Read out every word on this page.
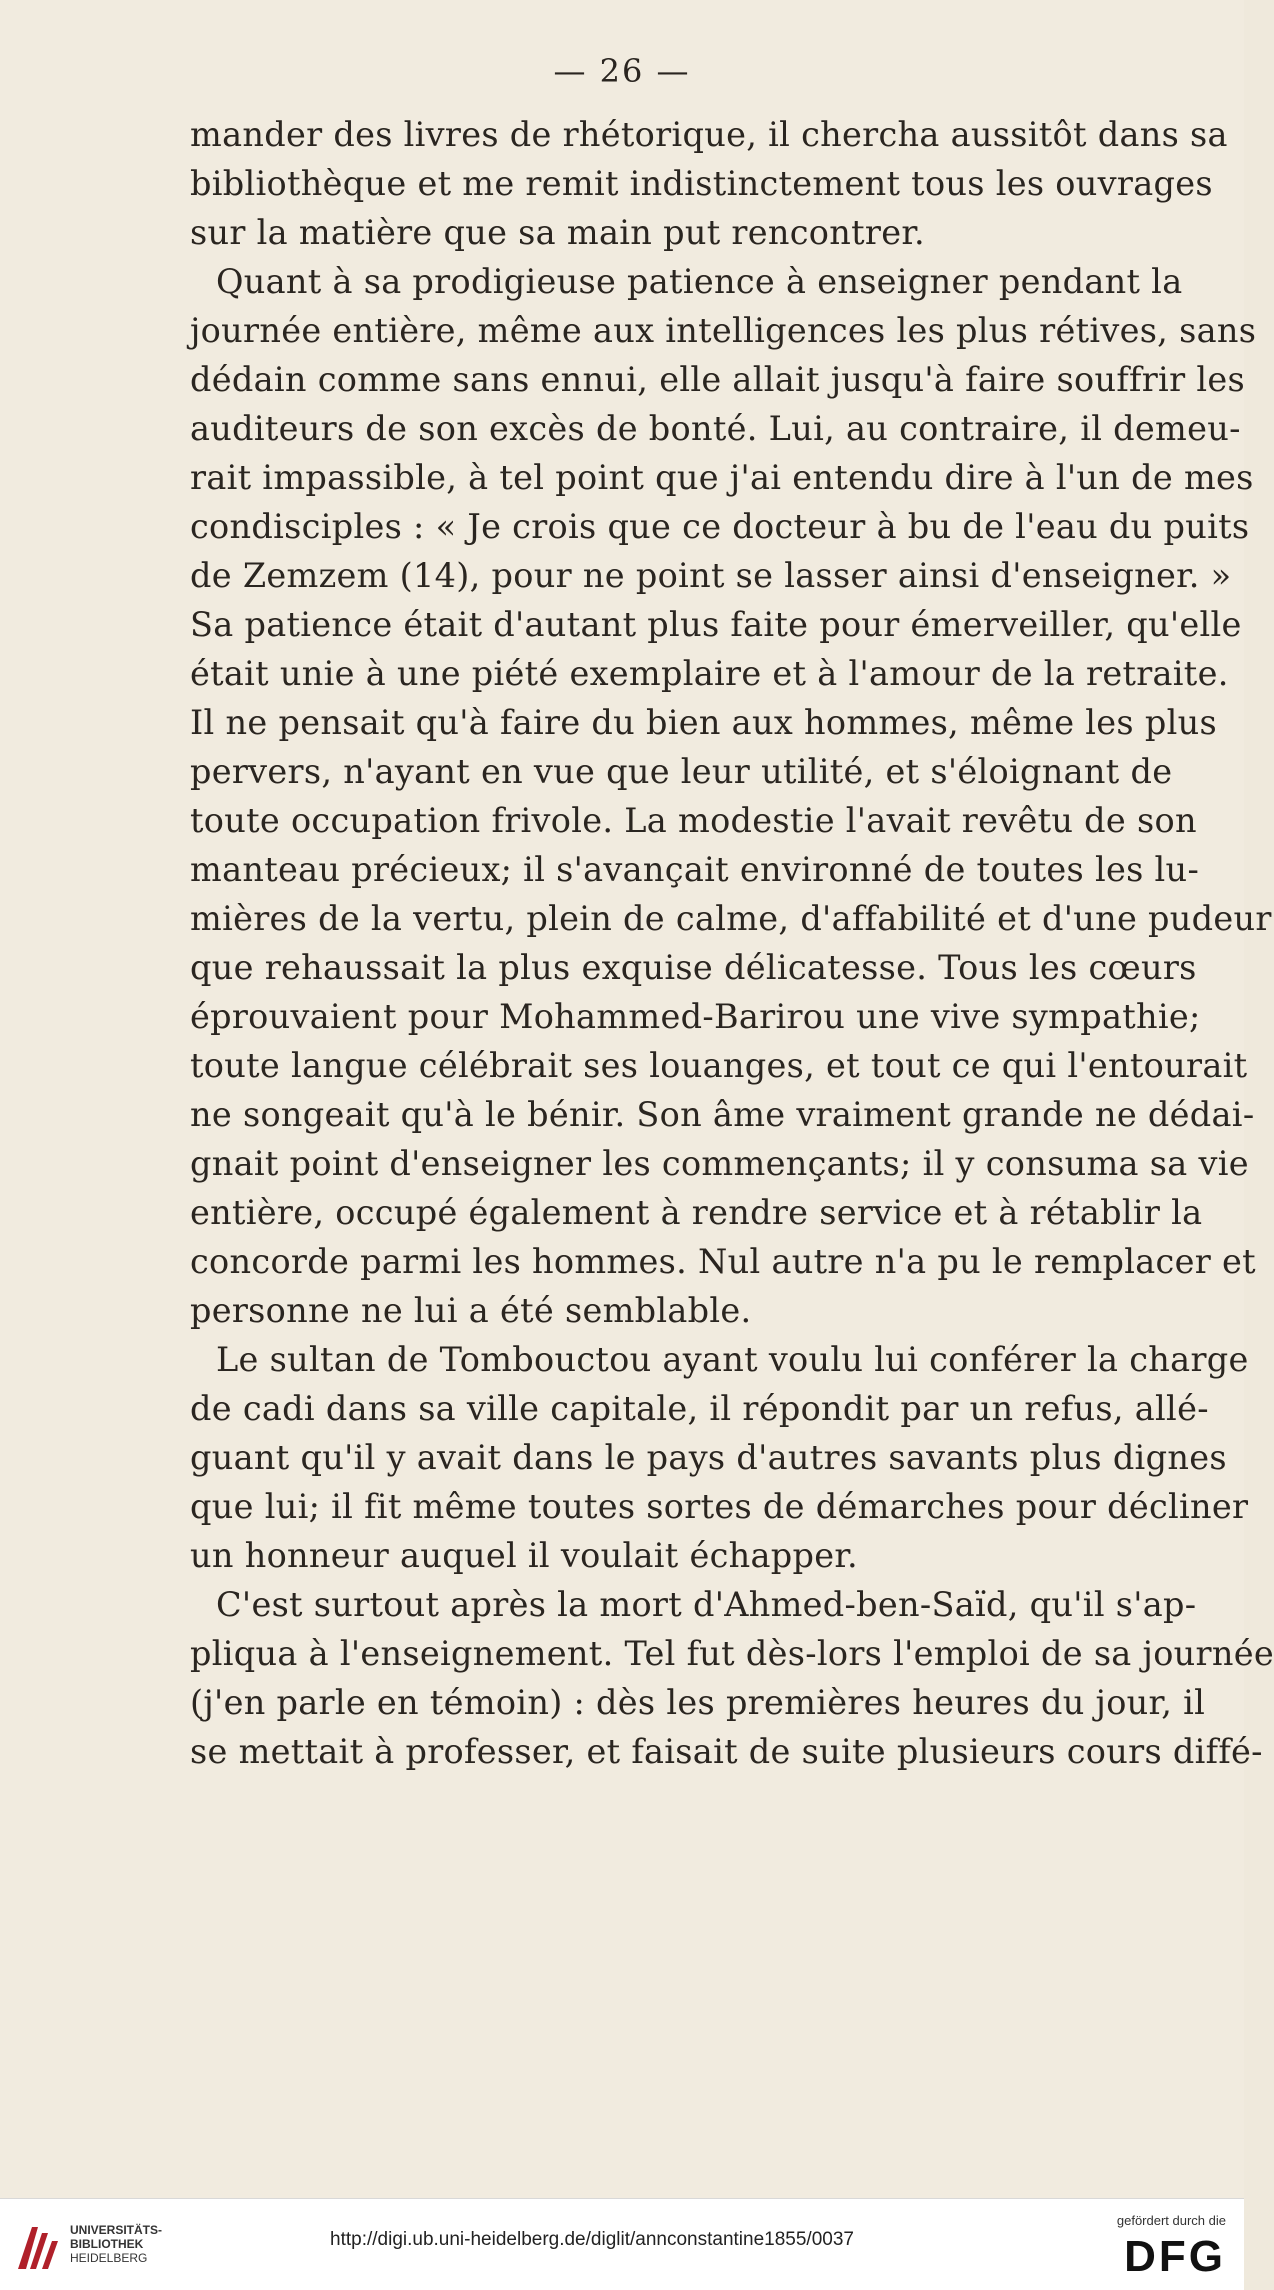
— 26 —
mander des livres de rhétorique, il chercha aussitôt dans sa
bibliothèque et me remit indistinctement tous les ouvrages
sur la matière que sa main put rencontrer.
Quant à sa prodigieuse patience à enseigner pendant la
journée entière, même aux intelligences les plus rétives, sans
dédain comme sans ennui, elle allait jusqu'à faire souffrir les
auditeurs de son excès de bonté. Lui, au contraire, il demeu-
rait impassible, à tel point que j'ai entendu dire à l'un de mes
condisciples : « Je crois que ce docteur à bu de l'eau du puits
de Zemzem (14), pour ne point se lasser ainsi d'enseigner. »
Sa patience était d'autant plus faite pour émerveiller, qu'elle
était unie à une piété exemplaire et à l'amour de la retraite.
Il ne pensait qu'à faire du bien aux hommes, même les plus
pervers, n'ayant en vue que leur utilité, et s'éloignant de
toute occupation frivole. La modestie l'avait revêtu de son
manteau précieux; il s'avançait environné de toutes les lu-
mières de la vertu, plein de calme, d'affabilité et d'une pudeur
que rehaussait la plus exquise délicatesse. Tous les cœurs
éprouvaient pour Mohammed-Barirou une vive sympathie;
toute langue célébrait ses louanges, et tout ce qui l'entourait
ne songeait qu'à le bénir. Son âme vraiment grande ne dédai-
gnait point d'enseigner les commençants; il y consuma sa vie
entière, occupé également à rendre service et à rétablir la
concorde parmi les hommes. Nul autre n'a pu le remplacer et
personne ne lui a été semblable.
Le sultan de Tombouctou ayant voulu lui conférer la charge
de cadi dans sa ville capitale, il répondit par un refus, allé-
guant qu'il y avait dans le pays d'autres savants plus dignes
que lui; il fit même toutes sortes de démarches pour décliner
un honneur auquel il voulait échapper.
C'est surtout après la mort d'Ahmed-ben-Saïd, qu'il s'ap-
pliqua à l'enseignement. Tel fut dès-lors l'emploi de sa journée
(j'en parle en témoin) : dès les premières heures du jour, il
se mettait à professer, et faisait de suite plusieurs cours diffé-
UNIVERSITÄTS-
BIBLIOTHEK
HEIDELBERG
http://digi.ub.uni-heidelberg.de/diglit/annconstantine1855/0037
gefördert durch die
DFG
